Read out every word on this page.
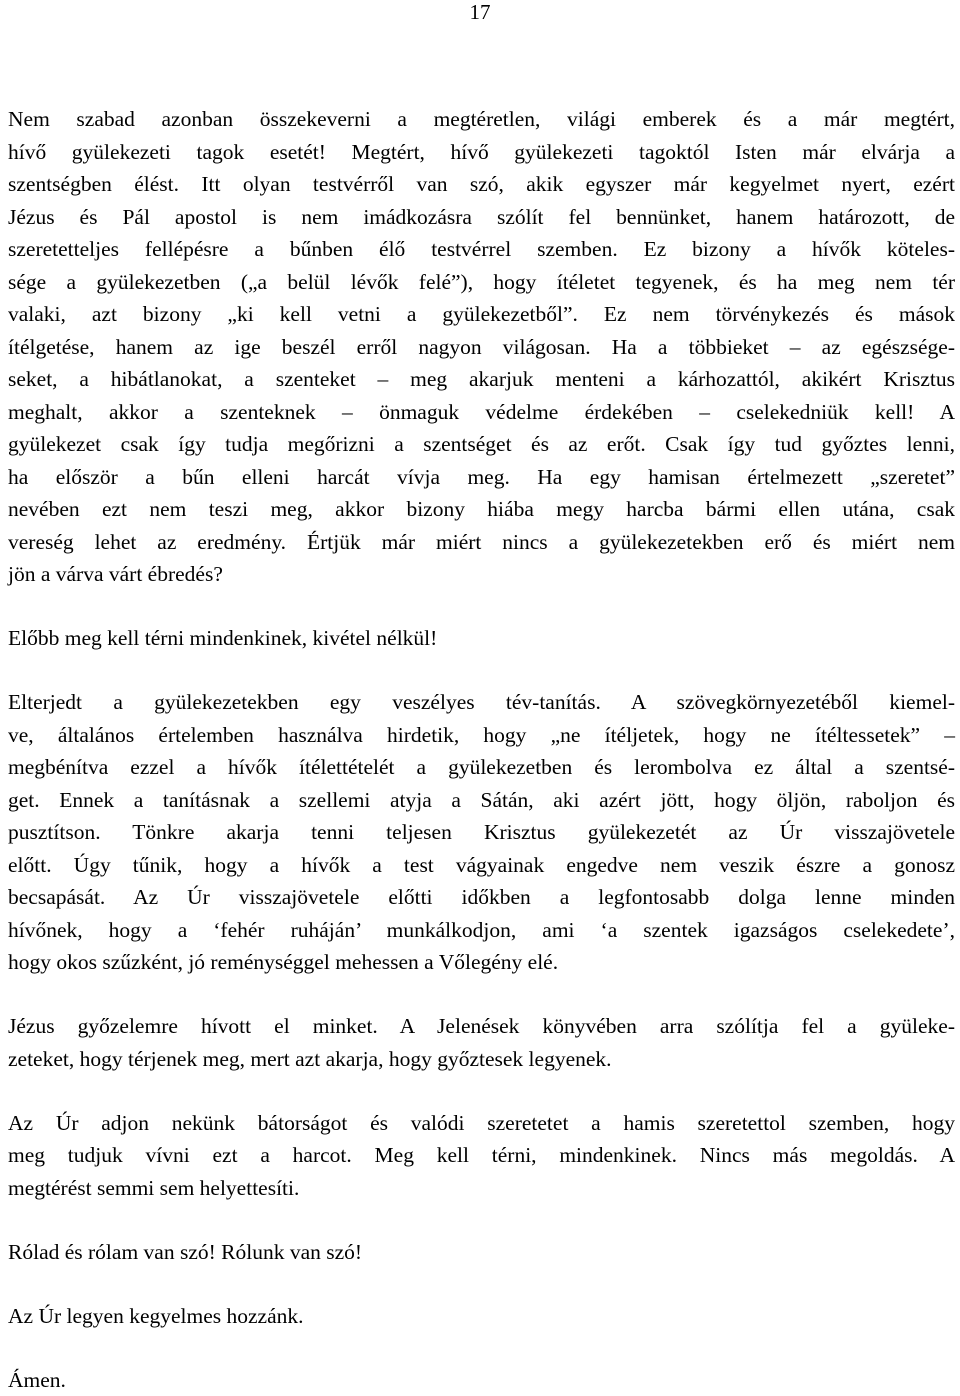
17
Nem szabad azonban összekeverni a megtéretlen, világi emberek és a már megtért,
hívő gyülekezeti tagok esetét! Megtért, hívő gyülekezeti tagoktól Isten már elvárja a
szentségben élést. Itt olyan testvérről van szó, akik egyszer már kegyelmet nyert, ezért
Jézus és Pál apostol is nem imádkozásra szólít fel bennünket, hanem határozott, de
szeretetteljes fellépésre a bűnben élő testvérrel szemben. Ez bizony a hívők köteles-
sége a gyülekezetben („a belül lévők felé”), hogy ítéletet tegyenek, és ha meg nem tér
valaki, azt bizony „ki kell vetni a gyülekezetből”. Ez nem törvénykezés és mások
ítélgetése, hanem az ige beszél erről nagyon világosan. Ha a többieket – az egészsége-
seket, a hibátlanokat, a szenteket – meg akarjuk menteni a kárhozattól, akikért Krisztus
meghalt, akkor a szenteknek – önmaguk védelme érdekében – cselekedniük kell! A
gyülekezet csak így tudja megőrizni a szentséget és az erőt. Csak így tud győztes lenni,
ha először a bűn elleni harcát vívja meg. Ha egy hamisan értelmezett „szeretet”
nevében ezt nem teszi meg, akkor bizony hiába megy harcba bármi ellen utána, csak
vereség lehet az eredmény. Értjük már miért nincs a gyülekezetekben erő és miért nem
jön a várva várt ébredés?
Előbb meg kell térni mindenkinek, kivétel nélkül!
Elterjedt a gyülekezetekben egy veszélyes tév-tanítás. A szövegkörnyezetéből kiemel-
ve, általános értelemben használva hirdetik, hogy „ne ítéljetek, hogy ne ítéltessetek” –
megbénítva ezzel a hívők ítélettételét a gyülekezetben és lerombolva ez által a szentsé-
get. Ennek a tanításnak a szellemi atyja a Sátán, aki azért jött, hogy öljön, raboljon és
pusztítson. Tönkre akarja tenni teljesen Krisztus gyülekezetét az Úr visszajövetele
előtt. Úgy tűnik, hogy a hívők a test vágyainak engedve nem veszik észre a gonosz
becsapását. Az Úr visszajövetele előtti időkben a legfontosabb dolga lenne minden
hívőnek, hogy a ‘fehér ruháján’ munkálkodjon, ami ‘a szentek igazságos cselekedete’,
hogy okos szűzként, jó reménységgel mehessen a Vőlegény elé.
Jézus győzelemre hívott el minket. A Jelenések könyvében arra szólítja fel a gyüleke-
zeteket, hogy térjenek meg, mert azt akarja, hogy győztesek legyenek.
Az Úr adjon nekünk bátorságot és valódi szeretetet a hamis szeretettol szemben, hogy
meg tudjuk vívni ezt a harcot. Meg kell térni, mindenkinek. Nincs más megoldás. A
megtérést semmi sem helyettesíti.
Rólad és rólam van szó! Rólunk van szó!
Az Úr legyen kegyelmes hozzánk.
Ámen.
